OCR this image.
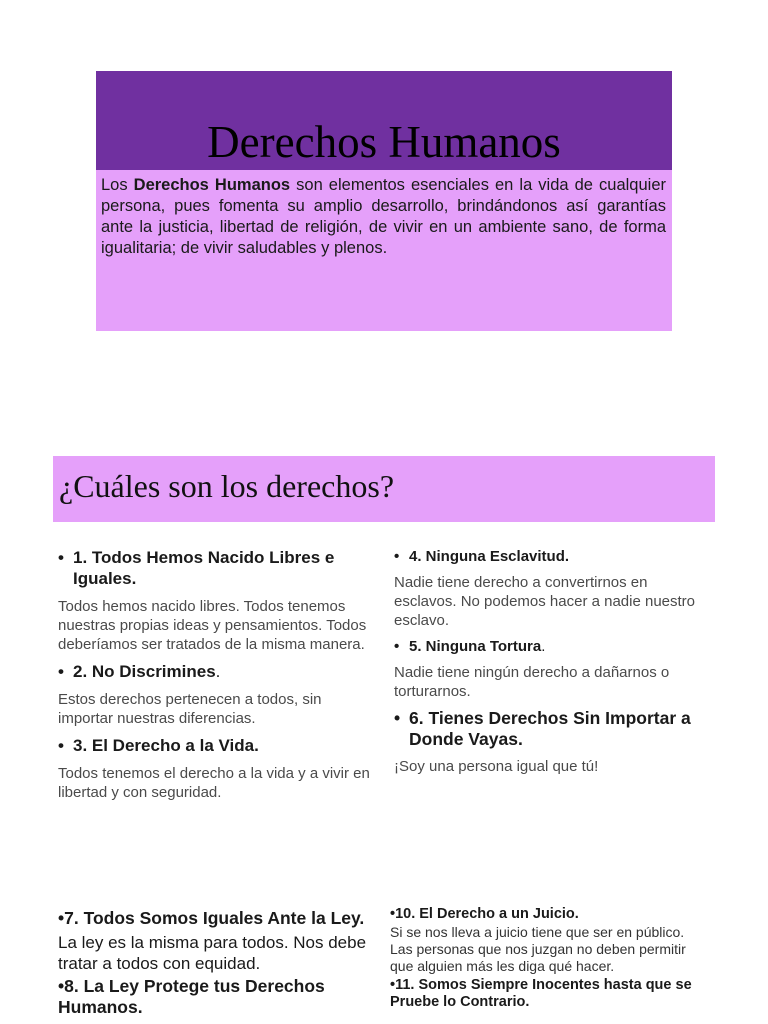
Derechos Humanos
Los Derechos Humanos son elementos esenciales en la vida de cualquier persona, pues fomenta su amplio desarrollo, brindándonos así garantías ante la justicia, libertad de religión, de vivir en un ambiente sano, de forma igualitaria; de vivir saludables y plenos.
¿Cuáles son los derechos?
• 1. Todos Hemos Nacido Libres e Iguales.
Todos hemos nacido libres. Todos tenemos nuestras propias ideas y pensamientos. Todos deberíamos ser tratados de la misma manera.
• 2. No Discrimines.
Estos derechos pertenecen a todos, sin importar nuestras diferencias.
• 3. El Derecho a la Vida.
Todos tenemos el derecho a la vida y a vivir en libertad y con seguridad.
• 4. Ninguna Esclavitud.
Nadie tiene derecho a convertirnos en esclavos. No podemos hacer a nadie nuestro esclavo.
• 5. Ninguna Tortura.
Nadie tiene ningún derecho a dañarnos o torturarnos.
• 6. Tienes Derechos Sin Importar a Donde Vayas.
¡Soy una persona igual que tú!
•7. Todos Somos Iguales Ante la Ley.
La ley es la misma para todos. Nos debe tratar a todos con equidad.
•8. La Ley Protege tus Derechos Humanos.
•10. El Derecho a un Juicio.
Si se nos lleva a juicio tiene que ser en público. Las personas que nos juzgan no deben permitir que alguien más les diga qué hacer.
•11. Somos Siempre Inocentes hasta que se Pruebe lo Contrario.
